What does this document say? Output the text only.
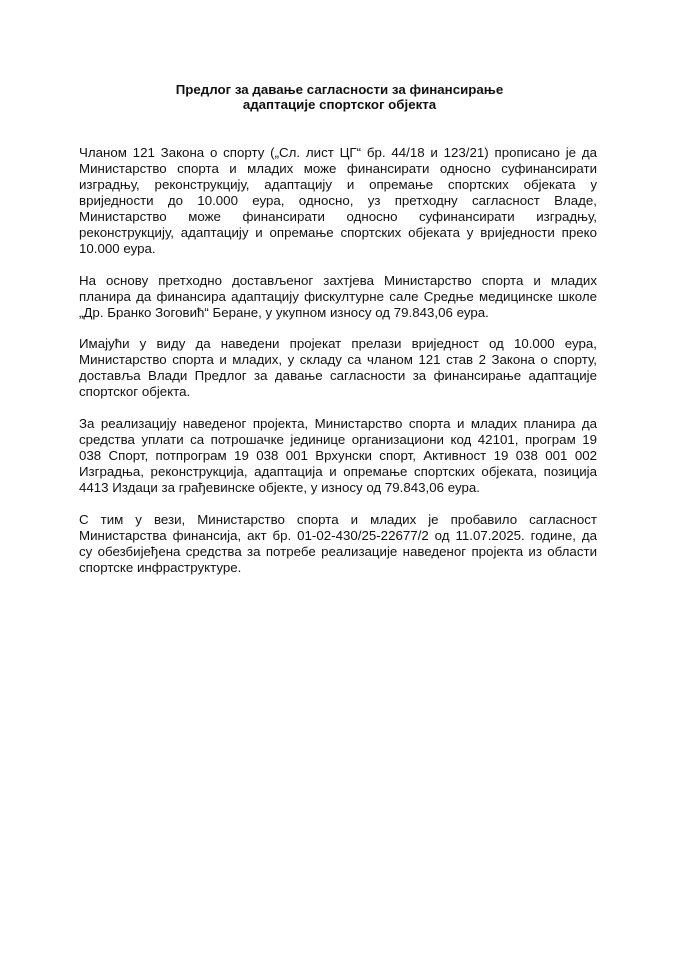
Предлог за давање сагласности за финансирање
адаптације спортског објекта
Чланом 121 Закона о спорту („Сл. лист ЦГ“ бр. 44/18 и 123/21) прописано је да
Министарство спорта и младих може финансирати односно суфинансирати
изградњу, реконструкцију, адаптацију и опремање спортских објеката у
вриједности до 10.000 еура, односно, уз претходну сагласност Владе,
Министарство може финансирати односно суфинансирати изградњу,
реконструкцију, адаптацију и опремање спортских објеката у вриједности преко
10.000 еура.
На основу претходно достављеног захтјева Министарство спорта и младих
планира да финансира адаптацију фискултурне сале Средње медицинске школе
„Др. Бранко Зоговић“ Беране, у укупном износу од 79.843,06 еура.
Имајући у виду да наведени пројекат прелази вриједност од 10.000 еура,
Министарство спорта и младих, у складу са чланом 121 став 2 Закона о спорту,
доставља Влади Предлог за давање сагласности за финансирање адаптације
спортског објекта.
За реализацију наведеног пројекта, Министарство спорта и младих планира да
средства уплати са потрошачке јединице организациони код 42101, програм 19
038 Спорт, потпрограм 19 038 001 Врхунски спорт, Активност 19 038 001 002
Изградња, реконструкција, адаптација и опремање спортских објеката, позиција
4413 Издаци за грађевинске објекте, у износу од 79.843,06 еура.
С тим у вези, Министарство спорта и младих је пробавило сагласност
Министарства финансија, акт бр. 01-02-430/25-22677/2 од 11.07.2025. године, да
су обезбијеђена средства за потребе реализације наведеног пројекта из области
спортске инфраструктуре.
